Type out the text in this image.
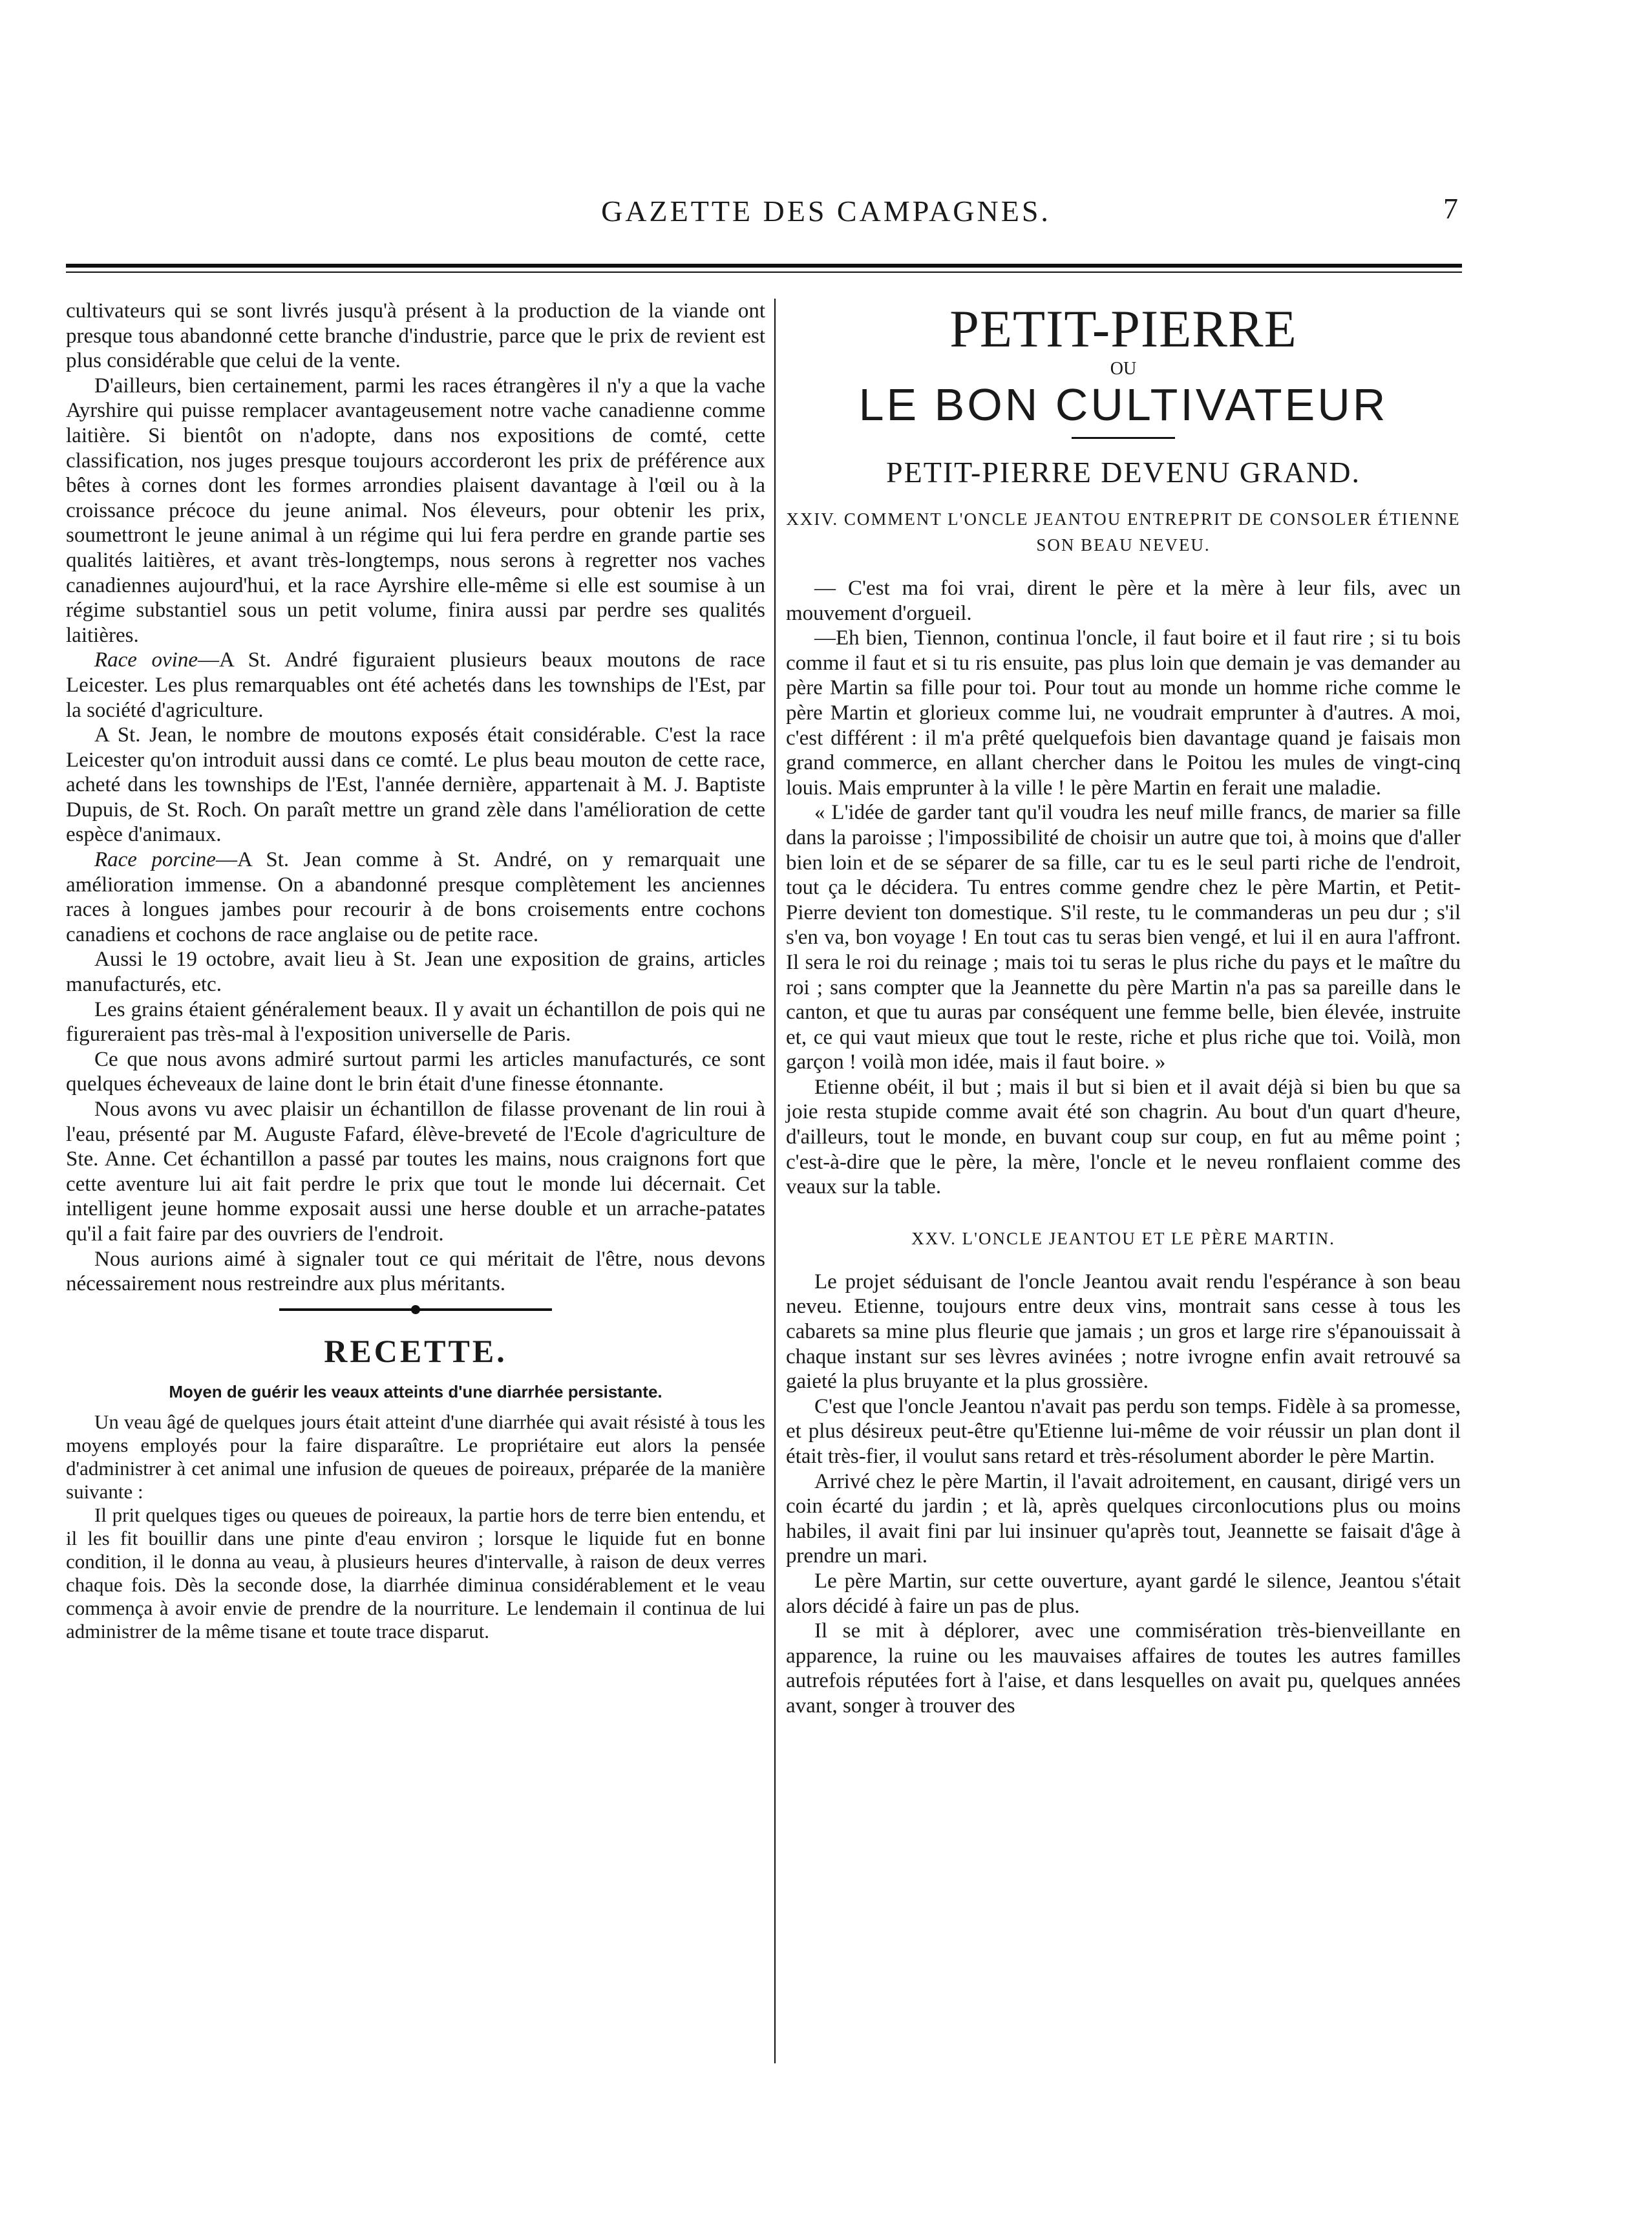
GAZETTE DES CAMPAGNES.	7

cultivateurs qui se sont livrés jusqu'à présent à la production de la viande ont presque tous abandonné cette branche d'industrie, parce que le prix de revient est plus considérable que celui de la vente.

D'ailleurs, bien certainement, parmi les races étrangères il n'y a que la vache Ayrshire qui puisse remplacer avantageusement notre vache canadienne comme laitière. Si bientôt on n'adopte, dans nos expositions de comté, cette classification, nos juges presque toujours accorderont les prix de préférence aux bêtes à cornes dont les formes arrondies plaisent davantage à l'œil ou à la croissance précoce du jeune animal. Nos éleveurs, pour obtenir les prix, soumettront le jeune animal à un régime qui lui fera perdre en grande partie ses qualités laitières, et avant très-longtemps, nous serons à regretter nos vaches canadiennes aujourd'hui, et la race Ayrshire elle-même si elle est soumise à un régime substantiel sous un petit volume, finira aussi par perdre ses qualités laitières.

Race ovine—A St. André figuraient plusieurs beaux moutons de race Leicester. Les plus remarquables ont été achetés dans les townships de l'Est, par la société d'agriculture.

A St. Jean, le nombre de moutons exposés était considérable. C'est la race Leicester qu'on introduit aussi dans ce comté. Le plus beau mouton de cette race, acheté dans les townships de l'Est, l'année dernière, appartenait à M. J. Baptiste Dupuis, de St. Roch. On paraît mettre un grand zèle dans l'amélioration de cette espèce d'animaux.

Race porcine—A St. Jean comme à St. André, on y remarquait une amélioration immense. On a abandonné presque complètement les anciennes races à longues jambes pour recourir à de bons croisements entre cochons canadiens et cochons de race anglaise ou de petite race.

Aussi le 19 octobre, avait lieu à St. Jean une exposition de grains, articles manufacturés, etc.

Les grains étaient généralement beaux. Il y avait un échantillon de pois qui ne figureraient pas très-mal à l'exposition universelle de Paris.

Ce que nous avons admiré surtout parmi les articles manufacturés, ce sont quelques écheveaux de laine dont le brin était d'une finesse étonnante.

Nous avons vu avec plaisir un échantillon de filasse provenant de lin roui à l'eau, présenté par M. Auguste Fafard, élève-breveté de l'Ecole d'agriculture de Ste. Anne. Cet échantillon a passé par toutes les mains, nous craignons fort que cette aventure lui ait fait perdre le prix que tout le monde lui décernait. Cet intelligent jeune homme exposait aussi une herse double et un arrache-patates qu'il a fait faire par des ouvriers de l'endroit.

Nous aurions aimé à signaler tout ce qui méritait de l'être, nous devons nécessairement nous restreindre aux plus méritants.

RECETTE.
Moyen de guérir les veaux atteints d'une diarrhée persistante.

Un veau âgé de quelques jours était atteint d'une diarrhée qui avait résisté à tous les moyens employés pour la faire disparaître. Le propriétaire eut alors la pensée d'administrer à cet animal une infusion de queues de poireaux, préparée de la manière suivante :

Il prit quelques tiges ou queues de poireaux, la partie hors de terre bien entendu, et il les fit bouillir dans une pinte d'eau environ ; lorsque le liquide fut en bonne condition, il le donna au veau, à plusieurs heures d'intervalle, à raison de deux verres chaque fois. Dès la seconde dose, la diarrhée diminua considérablement et le veau commença à avoir envie de prendre de la nourriture. Le lendemain il continua de lui administrer de la même tisane et toute trace disparut.

PETIT-PIERRE
OU
LE BON CULTIVATEUR
PETIT-PIERRE DEVENU GRAND.
XXIV. COMMENT L'ONCLE JEANTOU ENTREPRIT DE CONSOLER ÉTIENNE SON BEAU NEVEU.

— C'est ma foi vrai, dirent le père et la mère à leur fils, avec un mouvement d'orgueil.

—Eh bien, Tiennon, continua l'oncle, il faut boire et il faut rire ; si tu bois comme il faut et si tu ris ensuite, pas plus loin que demain je vas demander au père Martin sa fille pour toi. Pour tout au monde un homme riche comme le père Martin et glorieux comme lui, ne voudrait emprunter à d'autres. A moi, c'est différent : il m'a prêté quelquefois bien davantage quand je faisais mon grand commerce, en allant chercher dans le Poitou les mules de vingt-cinq louis. Mais emprunter à la ville ! le père Martin en ferait une maladie.

« L'idée de garder tant qu'il voudra les neuf mille francs, de marier sa fille dans la paroisse ; l'impossibilité de choisir un autre que toi, à moins que d'aller bien loin et de se séparer de sa fille, car tu es le seul parti riche de l'endroit, tout ça le décidera. Tu entres comme gendre chez le père Martin, et Petit-Pierre devient ton domestique. S'il reste, tu le commanderas un peu dur ; s'il s'en va, bon voyage ! En tout cas tu seras bien vengé, et lui il en aura l'affront. Il sera le roi du reinage ; mais toi tu seras le plus riche du pays et le maître du roi ; sans compter que la Jeannette du père Martin n'a pas sa pareille dans le canton, et que tu auras par conséquent une femme belle, bien élevée, instruite et, ce qui vaut mieux que tout le reste, riche et plus riche que toi. Voilà, mon garçon ! voilà mon idée, mais il faut boire. »

Etienne obéit, il but ; mais il but si bien et il avait déjà si bien bu que sa joie resta stupide comme avait été son chagrin. Au bout d'un quart d'heure, d'ailleurs, tout le monde, en buvant coup sur coup, en fut au même point ; c'est-à-dire que le père, la mère, l'oncle et le neveu ronflaient comme des veaux sur la table.

XXV. L'ONCLE JEANTOU ET LE PÈRE MARTIN.

Le projet séduisant de l'oncle Jeantou avait rendu l'espérance à son beau neveu. Etienne, toujours entre deux vins, montrait sans cesse à tous les cabarets sa mine plus fleurie que jamais ; un gros et large rire s'épanouissait à chaque instant sur ses lèvres avinées ; notre ivrogne enfin avait retrouvé sa gaieté la plus bruyante et la plus grossière.

C'est que l'oncle Jeantou n'avait pas perdu son temps. Fidèle à sa promesse, et plus désireux peut-être qu'Etienne lui-même de voir réussir un plan dont il était très-fier, il voulut sans retard et très-résolument aborder le père Martin.

Arrivé chez le père Martin, il l'avait adroitement, en causant, dirigé vers un coin écarté du jardin ; et là, après quelques circonlocutions plus ou moins habiles, il avait fini par lui insinuer qu'après tout, Jeannette se faisait d'âge à prendre un mari.

Le père Martin, sur cette ouverture, ayant gardé le silence, Jeantou s'était alors décidé à faire un pas de plus.

Il se mit à déplorer, avec une commisération très-bienveillante en apparence, la ruine ou les mauvaises affaires de toutes les autres familles autrefois réputées fort à l'aise, et dans lesquelles on avait pu, quelques années avant, songer à trouver des
